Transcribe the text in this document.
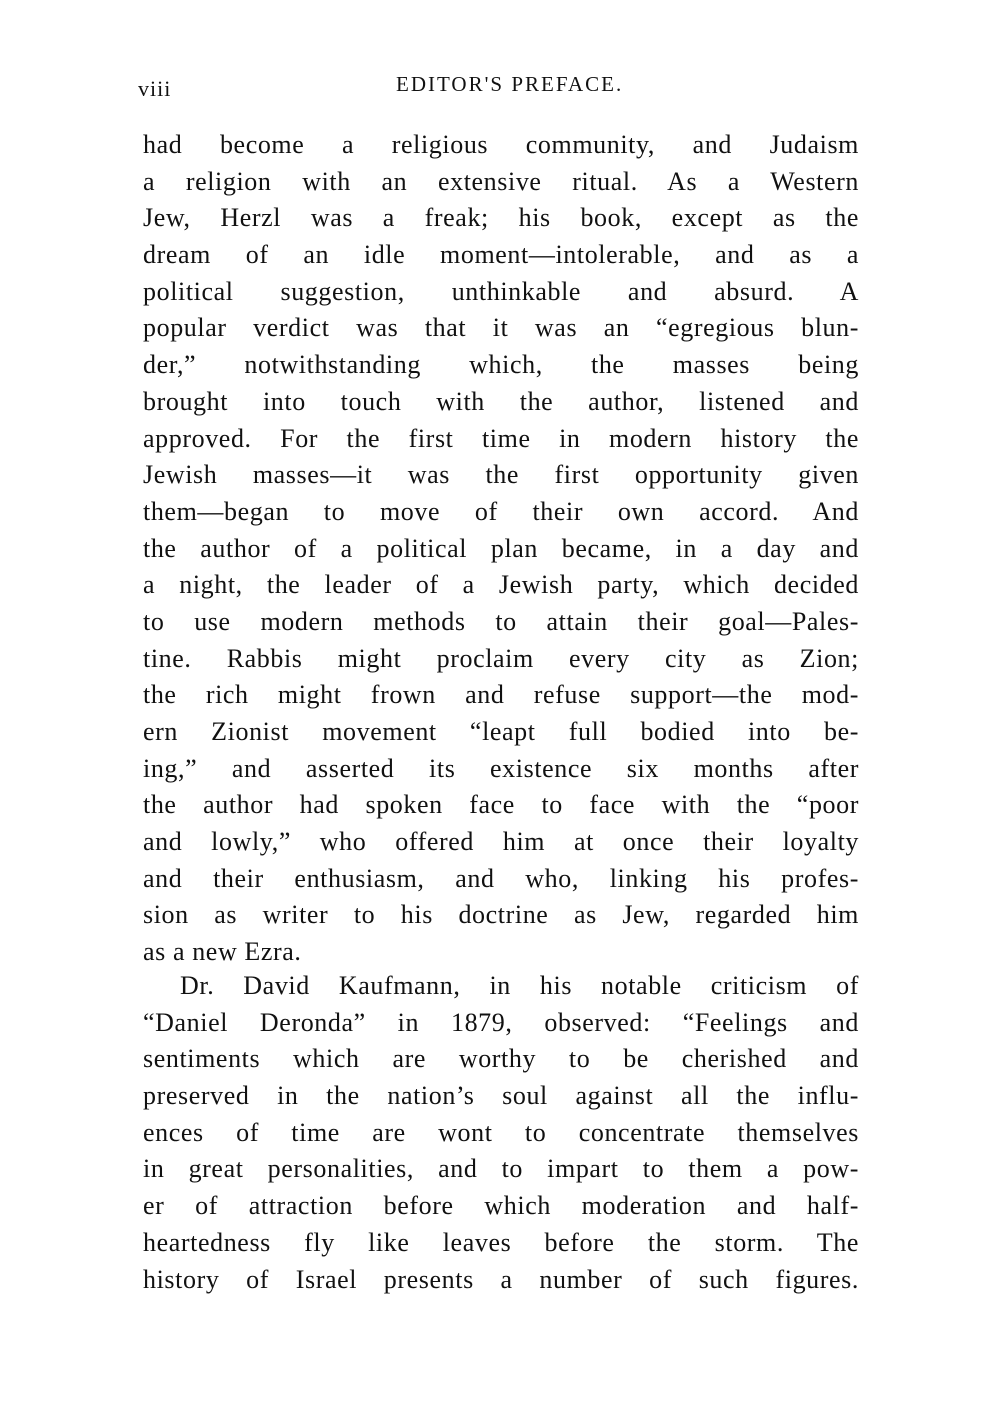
viii	EDITOR'S PREFACE.
had become a religious community, and Judaism
a religion with an extensive ritual. As a Western
Jew, Herzl was a freak; his book, except as the
dream of an idle moment—intolerable, and as a
political suggestion, unthinkable and absurd. A
popular verdict was that it was an “egregious blun-
der,” notwithstanding which, the masses being
brought into touch with the author, listened and
approved. For the first time in modern history the
Jewish masses—it was the first opportunity given
them—began to move of their own accord. And
the author of a political plan became, in a day and
a night, the leader of a Jewish party, which decided
to use modern methods to attain their goal—Pales-
tine. Rabbis might proclaim every city as Zion;
the rich might frown and refuse support—the mod-
ern Zionist movement “leapt full bodied into be-
ing,” and asserted its existence six months after
the author had spoken face to face with the “poor
and lowly,” who offered him at once their loyalty
and their enthusiasm, and who, linking his profes-
sion as writer to his doctrine as Jew, regarded him
as a new Ezra.
Dr. David Kaufmann, in his notable criticism of
“Daniel Deronda” in 1879, observed: “Feelings and
sentiments which are worthy to be cherished and
preserved in the nation’s soul against all the influ-
ences of time are wont to concentrate themselves
in great personalities, and to impart to them a pow-
er of attraction before which moderation and half-
heartedness fly like leaves before the storm. The
history of Israel presents a number of such figures.
